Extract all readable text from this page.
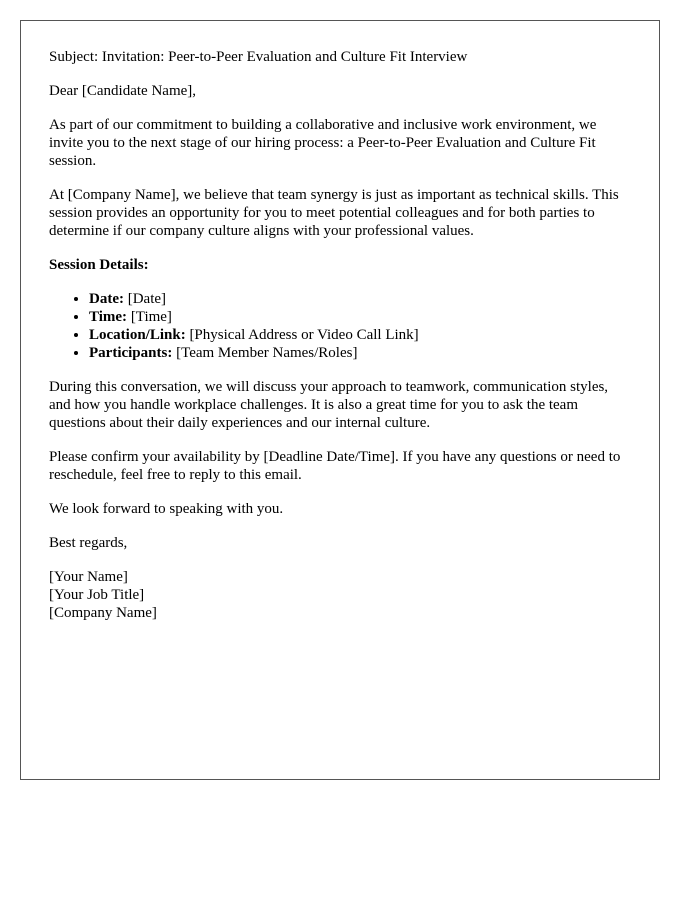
Subject: Invitation: Peer-to-Peer Evaluation and Culture Fit Interview

Dear [Candidate Name],

As part of our commitment to building a collaborative and inclusive work environment, we invite you to the next stage of our hiring process: a Peer-to-Peer Evaluation and Culture Fit session.

At [Company Name], we believe that team synergy is just as important as technical skills. This session provides an opportunity for you to meet potential colleagues and for both parties to determine if our company culture aligns with your professional values.

Session Details:

• Date: [Date]
• Time: [Time]
• Location/Link: [Physical Address or Video Call Link]
• Participants: [Team Member Names/Roles]

During this conversation, we will discuss your approach to teamwork, communication styles, and how you handle workplace challenges. It is also a great time for you to ask the team questions about their daily experiences and our internal culture.

Please confirm your availability by [Deadline Date/Time]. If you have any questions or need to reschedule, feel free to reply to this email.

We look forward to speaking with you.

Best regards,

[Your Name]
[Your Job Title]
[Company Name]
